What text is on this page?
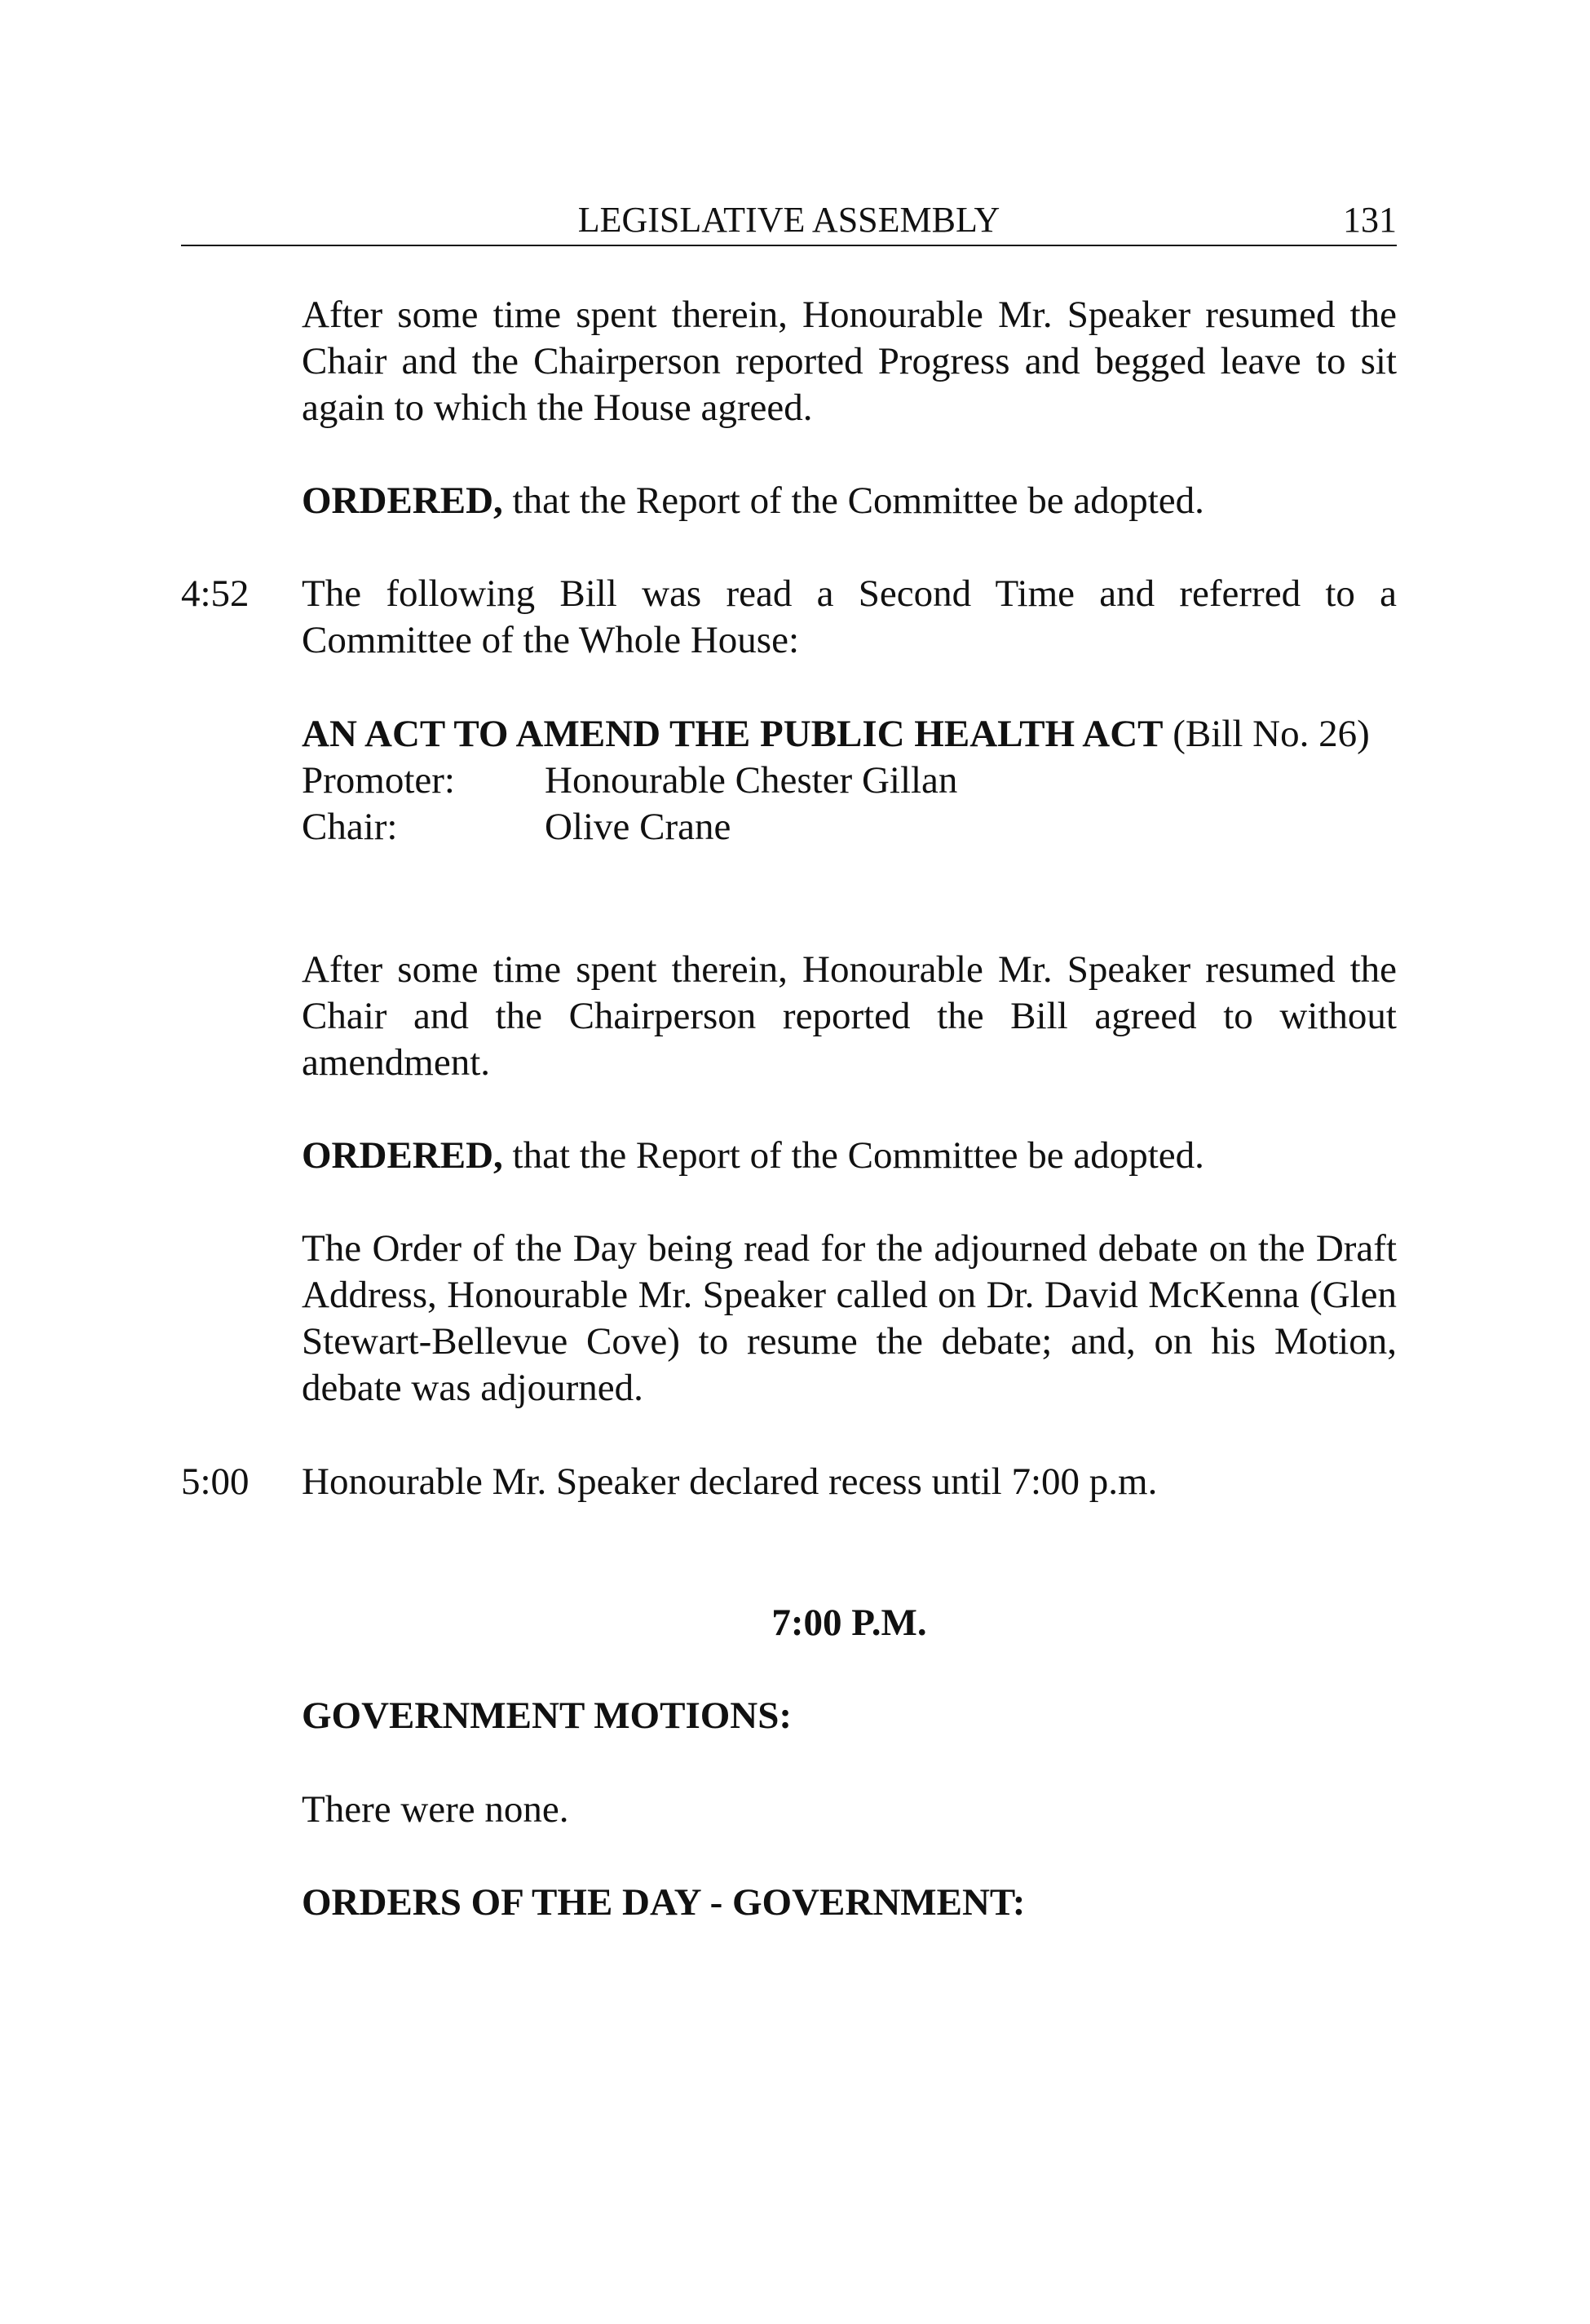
LEGISLATIVE ASSEMBLY	131

After some time spent therein, Honourable Mr. Speaker resumed the Chair and the Chairperson reported Progress and begged leave to sit again to which the House agreed.

ORDERED, that the Report of the Committee be adopted.

4:52 The following Bill was read a Second Time and referred to a Committee of the Whole House:

AN ACT TO AMEND THE PUBLIC HEALTH ACT (Bill No. 26)

Promoter:	Honourable Chester Gillan
Chair:	Olive Crane

After some time spent therein, Honourable Mr. Speaker resumed the Chair and the Chairperson reported the Bill agreed to without amendment.

ORDERED, that the Report of the Committee be adopted.

The Order of the Day being read for the adjourned debate on the Draft Address, Honourable Mr. Speaker called on Dr. David McKenna (Glen Stewart-Bellevue Cove) to resume the debate; and, on his Motion, debate was adjourned.

5:00 Honourable Mr. Speaker declared recess until 7:00 p.m.

7:00 P.M.
GOVERNMENT MOTIONS:

There were none.

ORDERS OF THE DAY - GOVERNMENT:
